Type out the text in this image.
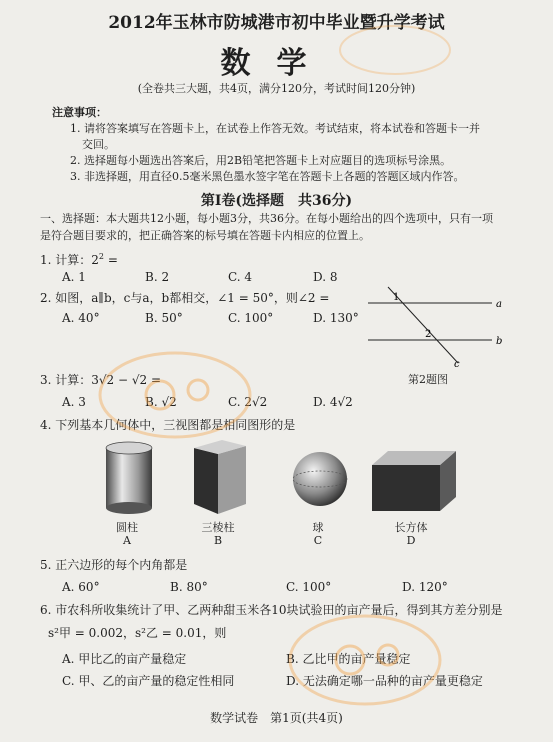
2012年玉林市防城港市初中毕业暨升学考试
数学
(全卷共三大题，共4页，满分120分，考试时间120分钟)
注意事项：
1. 请将答案填写在答题卡上，在试卷上作答无效。考试结束，将本试卷和答题卡一并
交回。
2. 选择题每小题选出答案后，用2B铅笔把答题卡上对应题目的选项标号涂黑。
3. 非选择题，用直径0.5毫米黑色墨水签字笔在答题卡上各题的答题区域内作答。
第Ⅰ卷(选择题　共36分)
一、选择题：本大题共12小题，每小题3分，共36分。在每小题给出的四个选项中，只有一项
是符合题目要求的，把正确答案的标号填在答题卡内相应的位置上。
1. 计算：$2^2$ =
A. 1	B. 2	C. 4	D. 8
2. 如图，a∥b，c与a，b都相交，∠1 = 50°，则∠2 =
A. 40°	B. 50°	C. 100°	D. 130°
a
b
c
1
2
第2题图
3. 计算：3√2 − √2 =
A. 3	B. √2	C. 2√2	D. 4√2
4. 下列基本几何体中，三视图都是相同图形的是
圆柱
A
三棱柱
B
球
C
长方体
D
5. 正六边形的每个内角都是
A. 60°	B. 80°	C. 100°	D. 120°
6. 市农科所收集统计了甲、乙两种甜玉米各10块试验田的亩产量后，得到其方差分别是
s²甲 = 0.002，s²乙 = 0.01，则
A. 甲比乙的亩产量稳定	B. 乙比甲的亩产量稳定
C. 甲、乙的亩产量的稳定性相同	D. 无法确定哪一品种的亩产量更稳定
数学试卷　第1页(共4页)
